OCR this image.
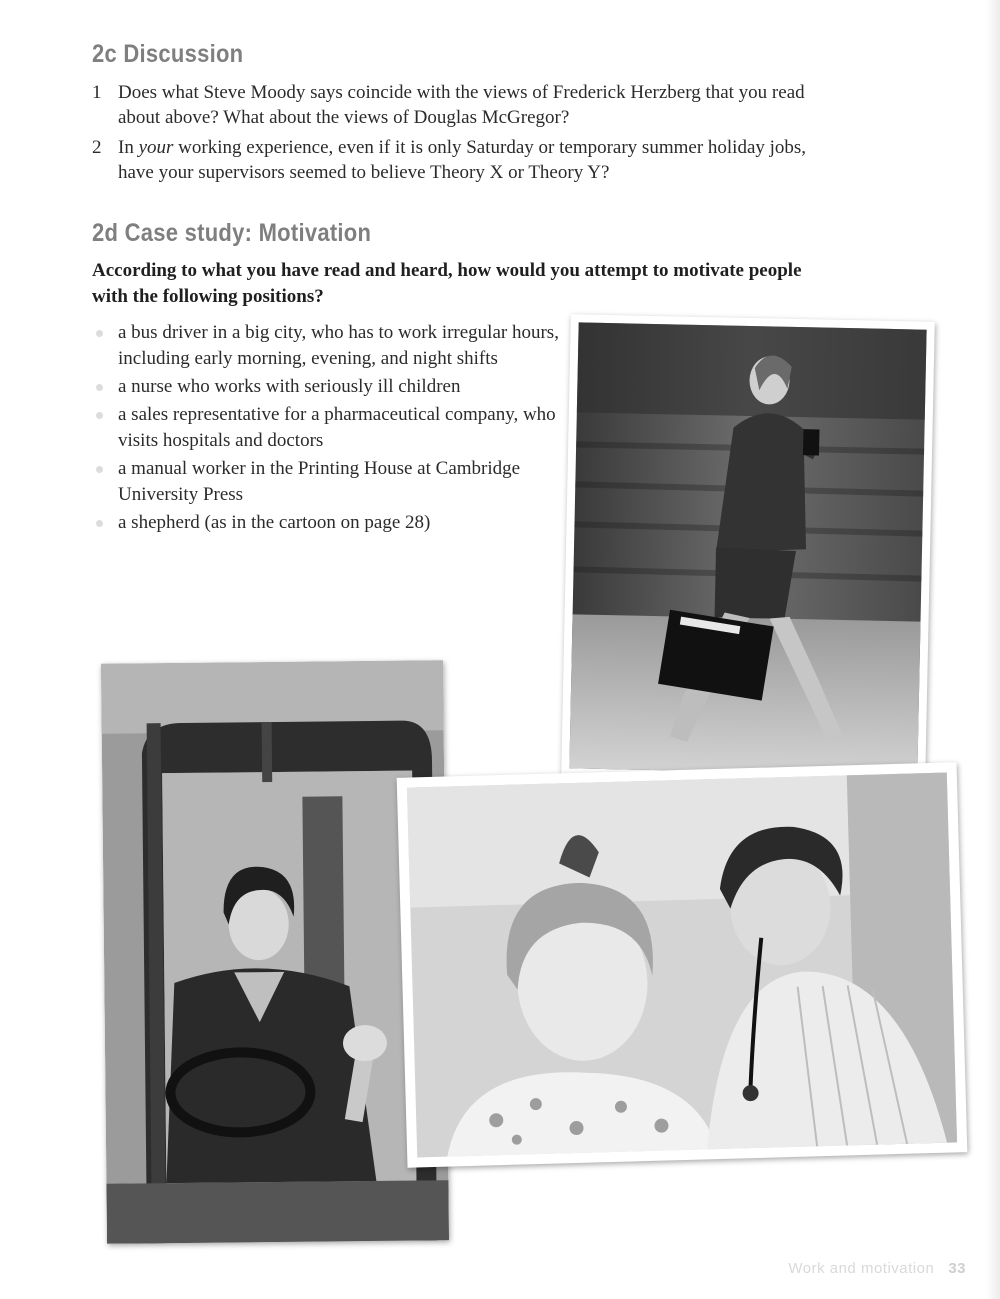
2c Discussion
1 Does what Steve Moody says coincide with the views of Frederick Herzberg that you read about above? What about the views of Douglas McGregor?
2 In your working experience, even if it is only Saturday or temporary summer holiday jobs, have your supervisors seemed to believe Theory X or Theory Y?
2d Case study: Motivation

According to what you have read and heard, how would you attempt to motivate people with the following positions?

a bus driver in a big city, who has to work irregular hours, including early morning, evening, and night shifts
a nurse who works with seriously ill children
a sales representative for a pharmaceutical company, who visits hospitals and doctors
a manual worker in the Printing House at Cambridge University Press
a shepherd (as in the cartoon on page 28)
Work and motivation 33
